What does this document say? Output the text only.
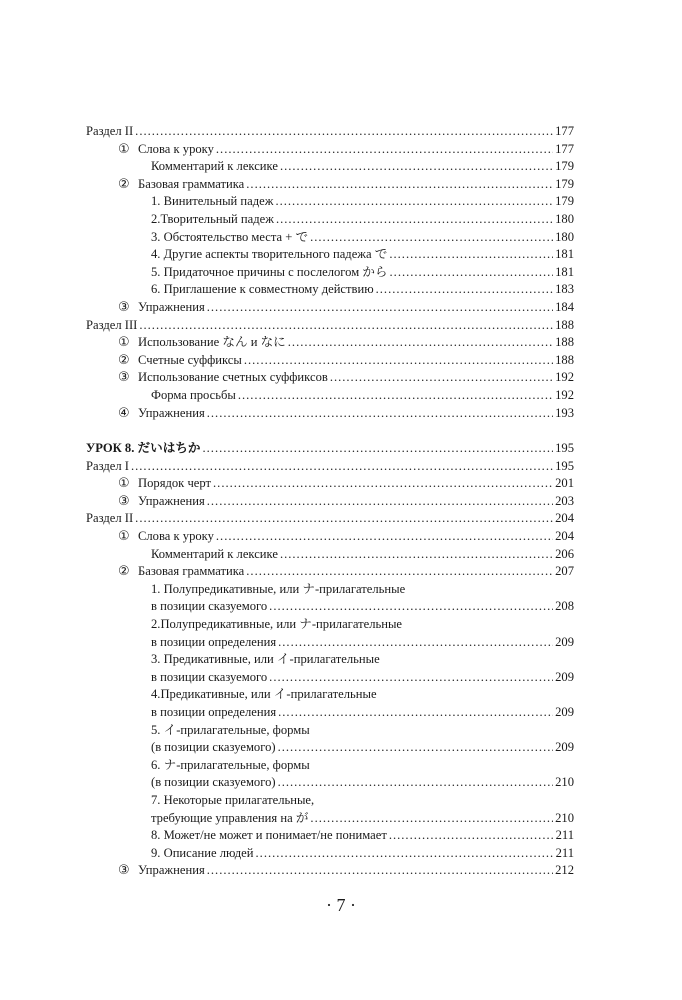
Раздел II .....	177
① Слова к уроку .....	177
Комментарий к лексике .....	179
② Базовая грамматика .....	179
1. Винительный падеж .....	179
2.Творительный падеж .....	180
3. Обстоятельство места + で .....	180
4. Другие аспекты творительного падежа で .....	181
5. Придаточное причины с послелогом から .....	181
6. Приглашение к совместному действию .....	183
③ Упражнения .....	184
Раздел III .....	188
① Использование なん и なに .....	188
② Счетные суффиксы .....	188
③ Использование счетных суффиксов .....	192
Форма просьбы .....	192
④ Упражнения .....	193
УРОК 8. だいはちか .....	195
Раздел I .....	195
① Порядок черт .....	201
③ Упражнения .....	203
Раздел II .....	204
① Слова к уроку .....	204
Комментарий к лексике .....	206
② Базовая грамматика .....	207
1. Полупредикативные, или ナ-прилагательные
в позиции сказуемого .....	208
2.Полупредикативные, или ナ-прилагательные
в позиции определения .....	209
3. Предикативные, или イ-прилагательные
в позиции сказуемого .....	209
4.Предикативные, или イ-прилагательные
в позиции определения .....	209
5. イ-прилагательные, формы
(в позиции сказуемого) .....	209
6. ナ-прилагательные, формы
(в позиции сказуемого) .....	210
7. Некоторые прилагательные,
требующие управления на が .....	210
8. Может/не может и понимает/не понимает .....	211
9. Описание людей .....	211
③ Упражнения .....	212
· 7 ·
